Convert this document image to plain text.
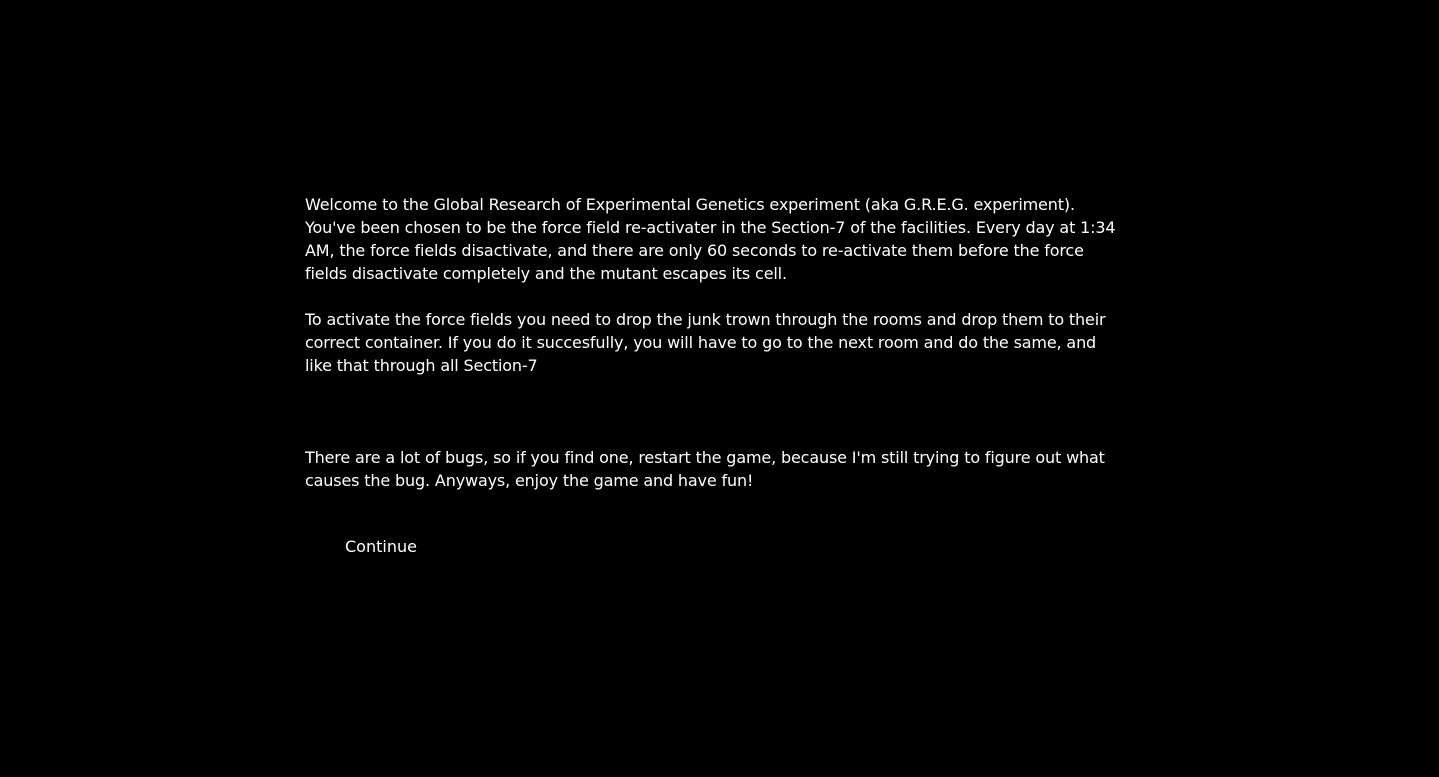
Welcome to the Global Research of Experimental Genetics experiment (aka G.R.E.G. experiment). You've been chosen to be the force field re-activater in the Section-7 of the facilities. Every day at 1:34 AM, the force fields disactivate, and there are only 60 seconds to re-activate them before the force fields disactivate completely and the mutant escapes its cell.

To activate the force fields you need to drop the junk trown through the rooms and drop them to their correct container. If you do it succesfully, you will have to go to the next room and do the same, and like that through all Section-7

There are a lot of bugs, so if you find one, restart the game, because I'm still trying to figure out what causes the bug. Anyways, enjoy the game and have fun!

Continue
